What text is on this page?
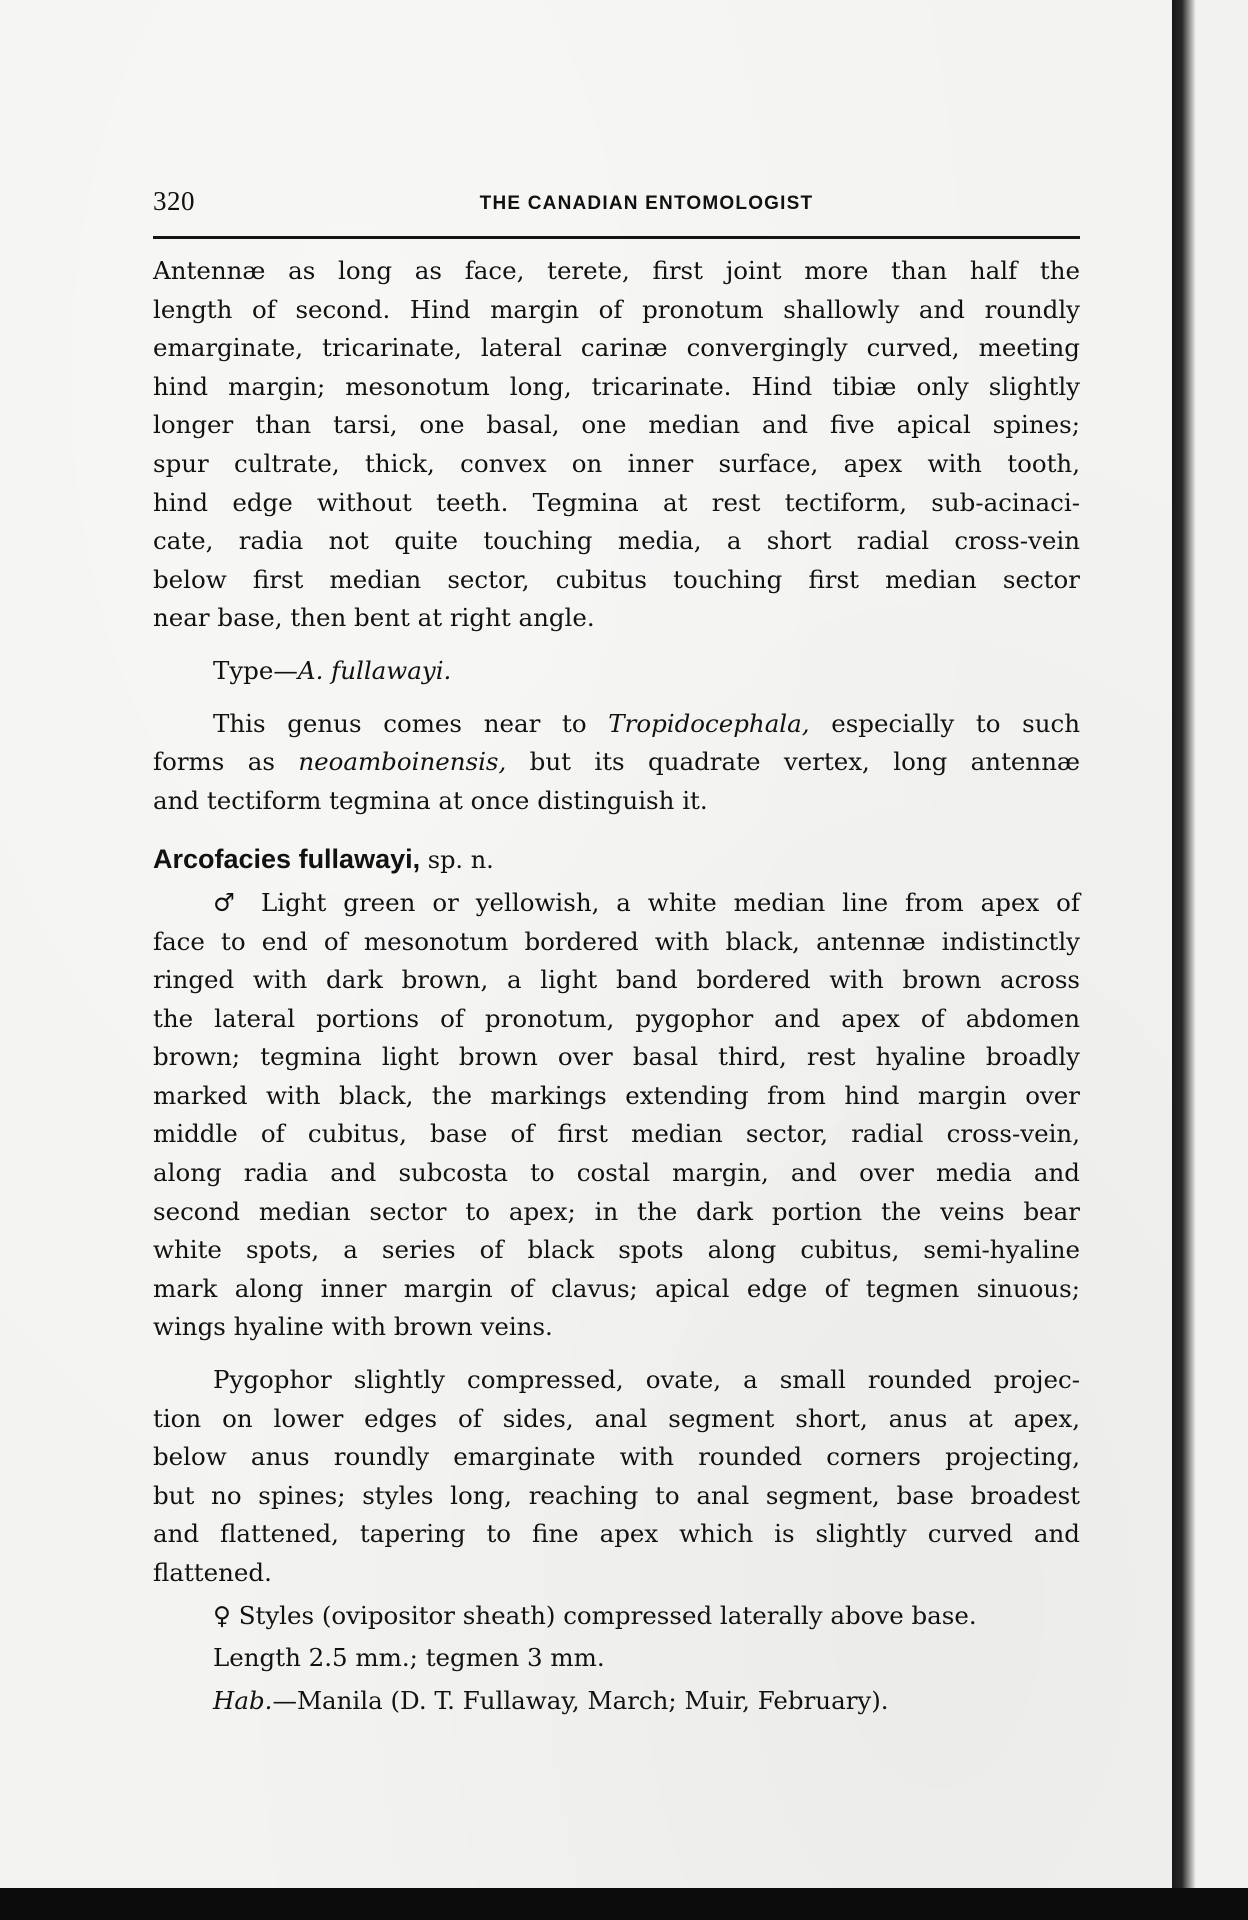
320	THE CANADIAN ENTOMOLOGIST

Antennæ as long as face, terete, first joint more than half the
length of second. Hind margin of pronotum shallowly and roundly
emarginate, tricarinate, lateral carinæ convergingly curved, meeting
hind margin; mesonotum long, tricarinate. Hind tibiæ only slightly
longer than tarsi, one basal, one median and five apical spines;
spur cultrate, thick, convex on inner surface, apex with tooth,
hind edge without teeth. Tegmina at rest tectiform, sub-acinaci-
cate, radia not quite touching media, a short radial cross-vein
below first median sector, cubitus touching first median sector
near base, then bent at right angle.

Type—A. fullawayi.

This genus comes near to Tropidocephala, especially to such
forms as neoamboinensis, but its quadrate vertex, long antennæ
and tectiform tegmina at once distinguish it.

Arcofacies fullawayi, sp. n.

♂ Light green or yellowish, a white median line from apex of
face to end of mesonotum bordered with black, antennæ indistinctly
ringed with dark brown, a light band bordered with brown across
the lateral portions of pronotum, pygophor and apex of abdomen
brown; tegmina light brown over basal third, rest hyaline broadly
marked with black, the markings extending from hind margin over
middle of cubitus, base of first median sector, radial cross-vein,
along radia and subcosta to costal margin, and over media and
second median sector to apex; in the dark portion the veins bear
white spots, a series of black spots along cubitus, semi-hyaline
mark along inner margin of clavus; apical edge of tegmen sinuous;
wings hyaline with brown veins.

Pygophor slightly compressed, ovate, a small rounded projec-
tion on lower edges of sides, anal segment short, anus at apex,
below anus roundly emarginate with rounded corners projecting,
but no spines; styles long, reaching to anal segment, base broadest
and flattened, tapering to fine apex which is slightly curved and
flattened.

♀ Styles (ovipositor sheath) compressed laterally above base.

Length 2.5 mm.; tegmen 3 mm.

Hab.—Manila (D. T. Fullaway, March; Muir, February).
